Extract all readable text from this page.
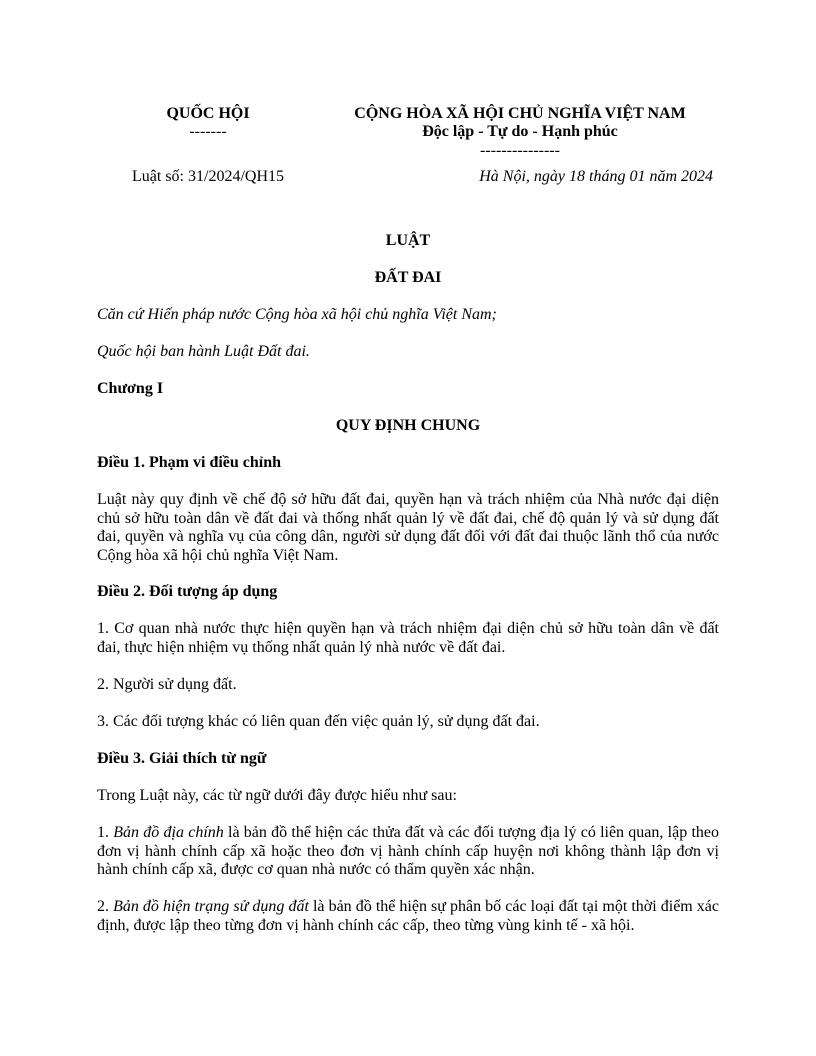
QUỐC HỘI
-------
CỘNG HÒA XÃ HỘI CHỦ NGHĨA VIỆT NAM
Độc lập - Tự do - Hạnh phúc
---------------
Luật số: 31/2024/QH15	Hà Nội, ngày 18 tháng 01 năm 2024
LUẬT
ĐẤT ĐAI
Căn cứ Hiến pháp nước Cộng hòa xã hội chủ nghĩa Việt Nam;
Quốc hội ban hành Luật Đất đai.
Chương I
QUY ĐỊNH CHUNG
Điều 1. Phạm vi điều chỉnh
Luật này quy định về chế độ sở hữu đất đai, quyền hạn và trách nhiệm của Nhà nước đại diện chủ sở hữu toàn dân về đất đai và thống nhất quản lý về đất đai, chế độ quản lý và sử dụng đất đai, quyền và nghĩa vụ của công dân, người sử dụng đất đối với đất đai thuộc lãnh thổ của nước Cộng hòa xã hội chủ nghĩa Việt Nam.
Điều 2. Đối tượng áp dụng
1. Cơ quan nhà nước thực hiện quyền hạn và trách nhiệm đại diện chủ sở hữu toàn dân về đất đai, thực hiện nhiệm vụ thống nhất quản lý nhà nước về đất đai.
2. Người sử dụng đất.
3. Các đối tượng khác có liên quan đến việc quản lý, sử dụng đất đai.
Điều 3. Giải thích từ ngữ
Trong Luật này, các từ ngữ dưới đây được hiểu như sau:
1. Bản đồ địa chính là bản đồ thể hiện các thửa đất và các đối tượng địa lý có liên quan, lập theo đơn vị hành chính cấp xã hoặc theo đơn vị hành chính cấp huyện nơi không thành lập đơn vị hành chính cấp xã, được cơ quan nhà nước có thẩm quyền xác nhận.
2. Bản đồ hiện trạng sử dụng đất là bản đồ thể hiện sự phân bố các loại đất tại một thời điểm xác định, được lập theo từng đơn vị hành chính các cấp, theo từng vùng kinh tế - xã hội.
